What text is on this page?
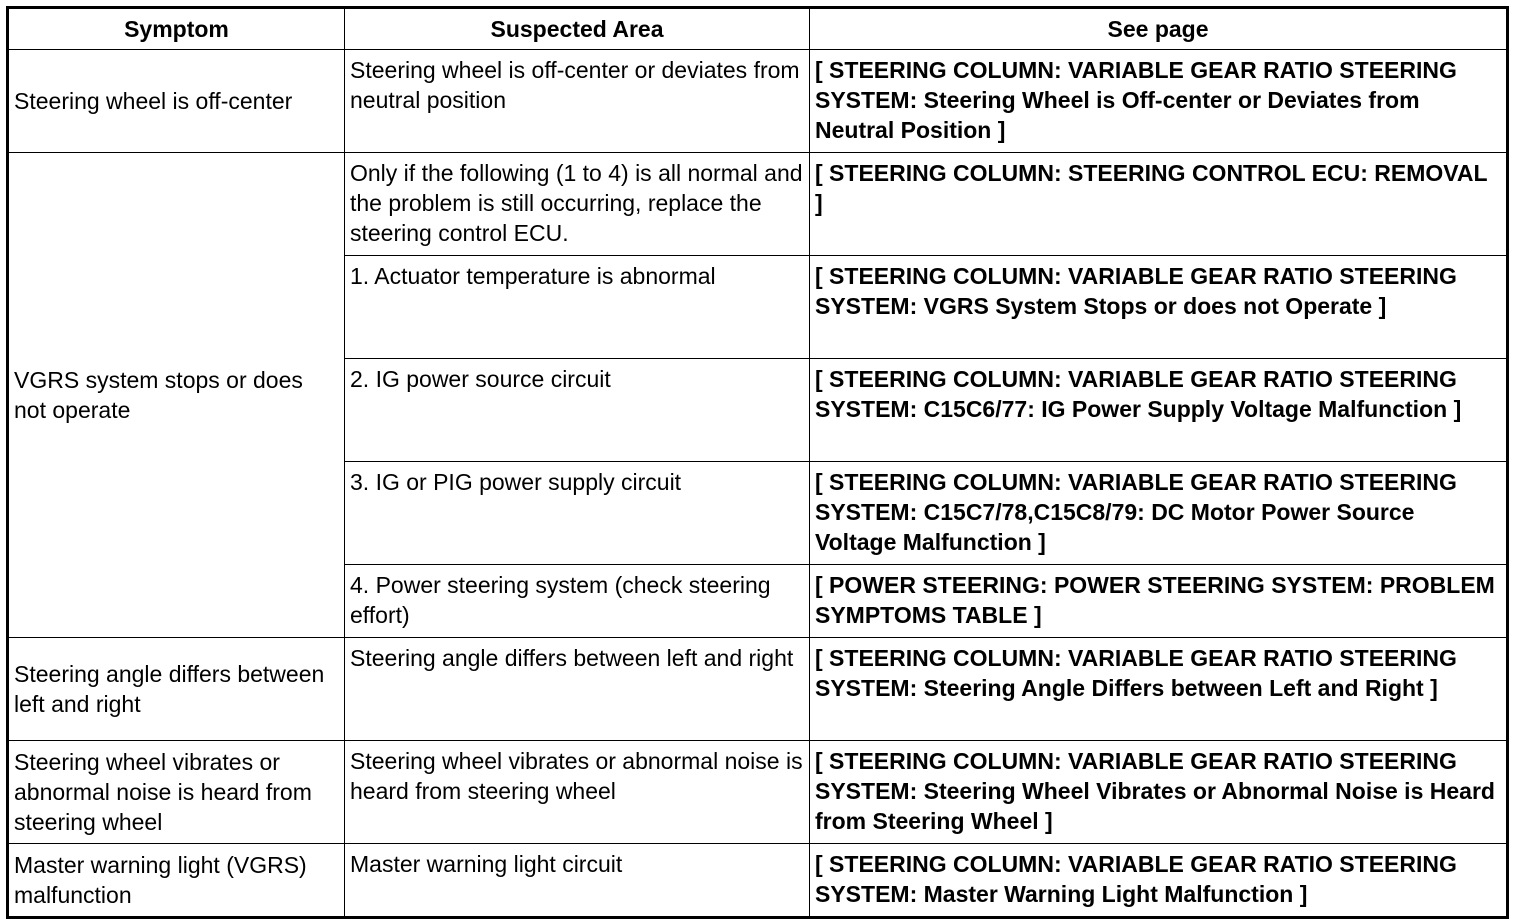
Symptom	Suspected Area	See page
Steering wheel is off-center	Steering wheel is off-center or deviates from neutral position	[ STEERING COLUMN: VARIABLE GEAR RATIO STEERING SYSTEM: Steering Wheel is Off-center or Deviates from Neutral Position ]
VGRS system stops or does not operate	Only if the following (1 to 4) is all normal and the problem is still occurring, replace the steering control ECU.	[ STEERING COLUMN: STEERING CONTROL ECU: REMOVAL ]
	1. Actuator temperature is abnormal	[ STEERING COLUMN: VARIABLE GEAR RATIO STEERING SYSTEM: VGRS System Stops or does not Operate ]
	2. IG power source circuit	[ STEERING COLUMN: VARIABLE GEAR RATIO STEERING SYSTEM: C15C6/77: IG Power Supply Voltage Malfunction ]
	3. IG or PIG power supply circuit	[ STEERING COLUMN: VARIABLE GEAR RATIO STEERING SYSTEM: C15C7/78,C15C8/79: DC Motor Power Source Voltage Malfunction ]
	4. Power steering system (check steering effort)	[ POWER STEERING: POWER STEERING SYSTEM: PROBLEM SYMPTOMS TABLE ]
Steering angle differs between left and right	Steering angle differs between left and right	[ STEERING COLUMN: VARIABLE GEAR RATIO STEERING SYSTEM: Steering Angle Differs between Left and Right ]
Steering wheel vibrates or abnormal noise is heard from steering wheel	Steering wheel vibrates or abnormal noise is heard from steering wheel	[ STEERING COLUMN: VARIABLE GEAR RATIO STEERING SYSTEM: Steering Wheel Vibrates or Abnormal Noise is Heard from Steering Wheel ]
Master warning light (VGRS) malfunction	Master warning light circuit	[ STEERING COLUMN: VARIABLE GEAR RATIO STEERING SYSTEM: Master Warning Light Malfunction ]
